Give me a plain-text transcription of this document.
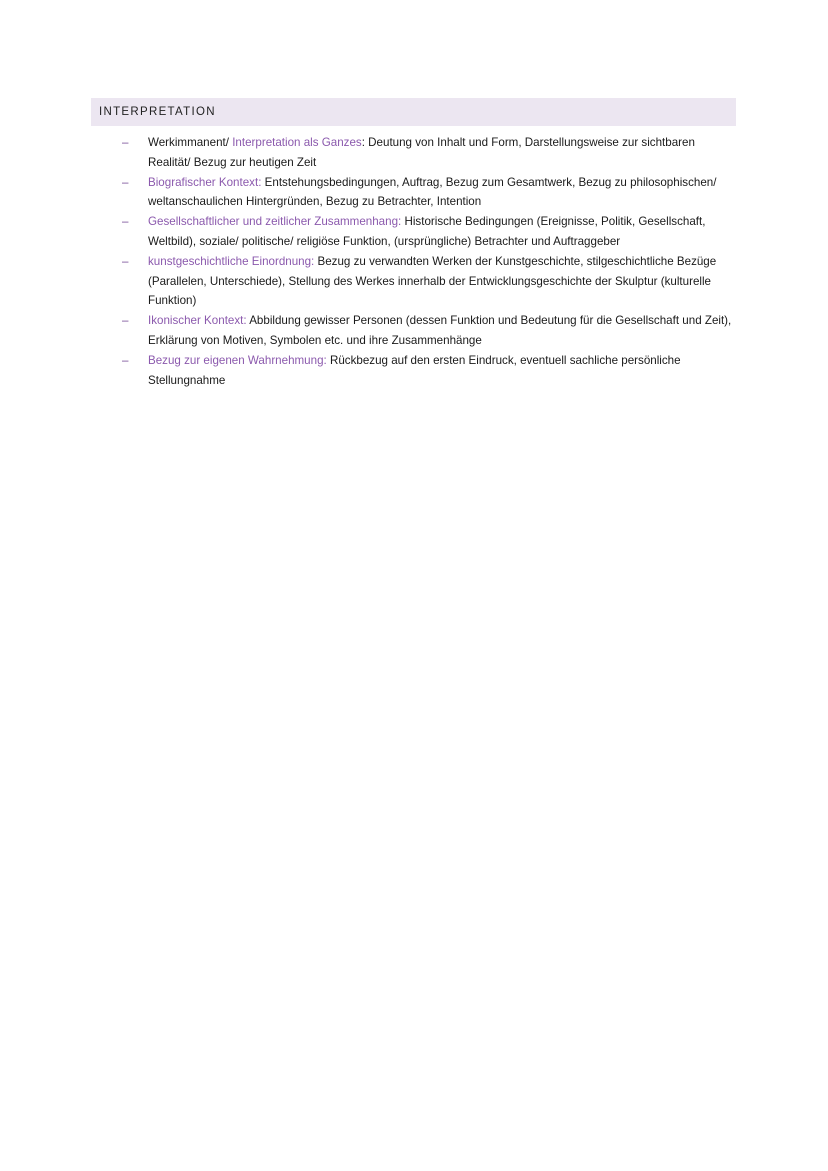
INTERPRETATION
–	Werkimmanent/ Interpretation als Ganzes: Deutung von Inhalt und Form, Darstellungsweise zur sichtbaren Realität/ Bezug zur heutigen Zeit
–	Biografischer Kontext: Entstehungsbedingungen, Auftrag, Bezug zum Gesamtwerk, Bezug zu philosophischen/ weltanschaulichen Hintergründen, Bezug zu Betrachter, Intention
–	Gesellschaftlicher und zeitlicher Zusammenhang: Historische Bedingungen (Ereignisse, Politik, Gesellschaft, Weltbild), soziale/ politische/ religiöse Funktion, (ursprüngliche) Betrachter und Auftraggeber
–	kunstgeschichtliche Einordnung: Bezug zu verwandten Werken der Kunstgeschichte, stilgeschichtliche Bezüge (Parallelen, Unterschiede), Stellung des Werkes innerhalb der Entwicklungsgeschichte der Skulptur (kulturelle Funktion)
–	Ikonischer Kontext: Abbildung gewisser Personen (dessen Funktion und Bedeutung für die Gesellschaft und Zeit), Erklärung von Motiven, Symbolen etc. und ihre Zusammenhänge
–	Bezug zur eigenen Wahrnehmung: Rückbezug auf den ersten Eindruck, eventuell sachliche persönliche Stellungnahme
